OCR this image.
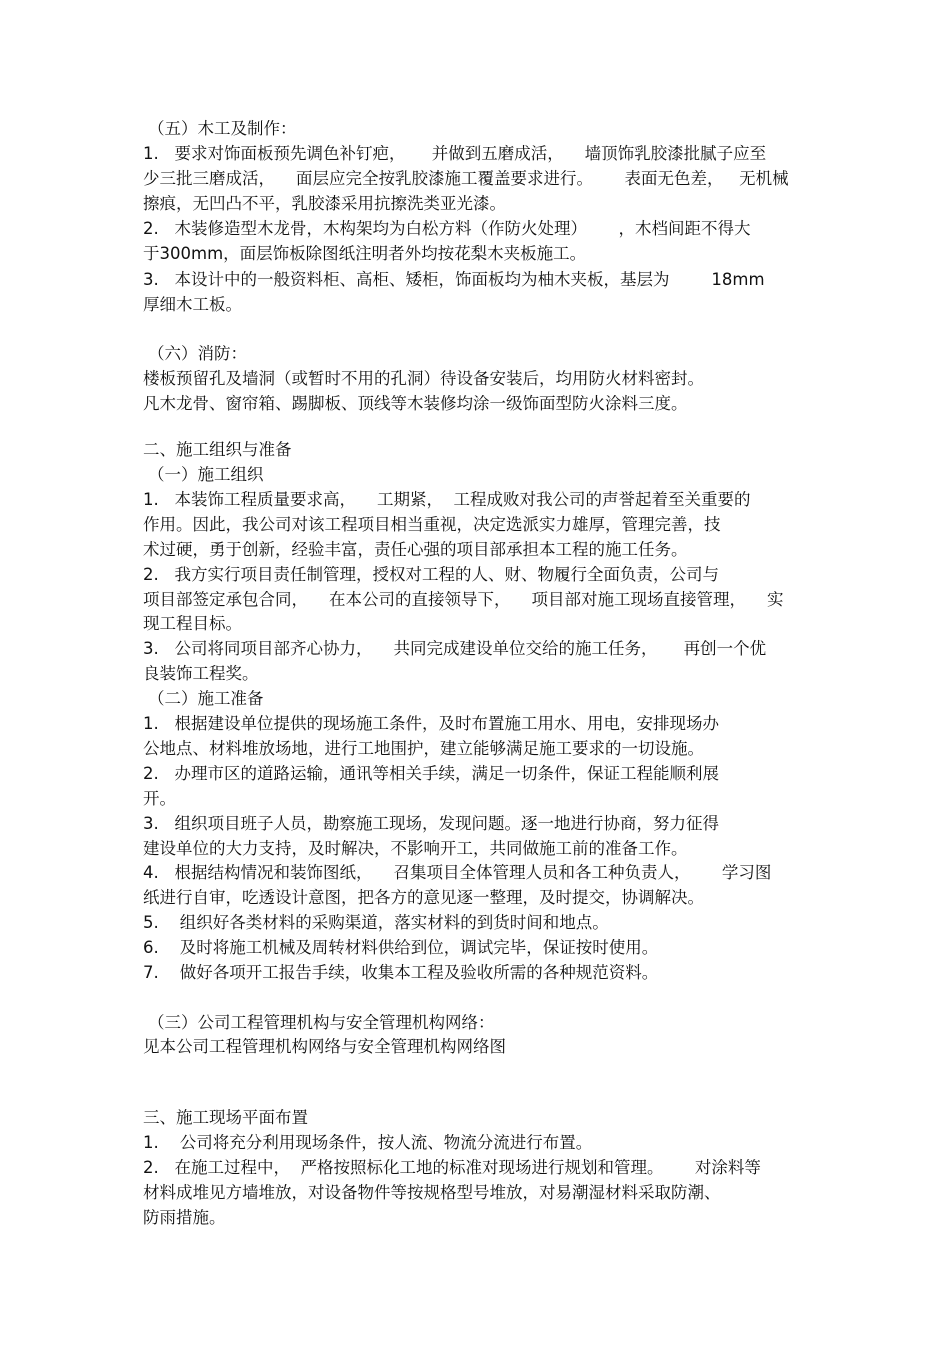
（五）木工及制作：

1.   要求对饰面板预先调色补钉疤，     并做到五磨成活，    墙顶饰乳胶漆批腻子应至

少三批三磨成活，    面层应完全按乳胶漆施工覆盖要求进行。      表面无色差，   无机械

擦痕，无凹凸不平，乳胶漆采用抗擦洗类亚光漆。

2.   木装修造型木龙骨，木构架均为白松方料（作防火处理）      ，木档间距不得大

于300mm，面层饰板除图纸注明者外均按花梨木夹板施工。

3.   本设计中的一般资料柜、高柜、矮柜，饰面板均为柚木夹板，基层为        18mm

厚细木工板。

（六）消防：

楼板预留孔及墙洞（或暂时不用的孔洞）待设备安装后，均用防火材料密封。

凡木龙骨、窗帘箱、踢脚板、顶线等木装修均涂一级饰面型防火涂料三度。

二、施工组织与准备

（一）施工组织

1.   本装饰工程质量要求高，    工期紧，  工程成败对我公司的声誉起着至关重要的

作用。因此，我公司对该工程项目相当重视，决定选派实力雄厚，管理完善，技

术过硬，勇于创新，经验丰富，责任心强的项目部承担本工程的施工任务。

2.   我方实行项目责任制管理，授权对工程的人、财、物履行全面负责，公司与

项目部签定承包合同，    在本公司的直接领导下，    项目部对施工现场直接管理，    实

现工程目标。

3.   公司将同项目部齐心协力，    共同完成建设单位交给的施工任务，     再创一个优

良装饰工程奖。

（二）施工准备

1.   根据建设单位提供的现场施工条件，及时布置施工用水、用电，安排现场办

公地点、材料堆放场地，进行工地围护，建立能够满足施工要求的一切设施。

2.   办理市区的道路运输，通讯等相关手续，满足一切条件，保证工程能顺利展

开。

3.   组织项目班子人员，勘察施工现场，发现问题。逐一地进行协商，努力征得

建设单位的大力支持，及时解决，不影响开工，共同做施工前的准备工作。

4.   根据结构情况和装饰图纸，    召集项目全体管理人员和各工种负责人，      学习图

纸进行自审，吃透设计意图，把各方的意见逐一整理，及时提交，协调解决。

5.    组织好各类材料的采购渠道，落实材料的到货时间和地点。

6.    及时将施工机械及周转材料供给到位，调试完毕，保证按时使用。

7.    做好各项开工报告手续，收集本工程及验收所需的各种规范资料。

（三）公司工程管理机构与安全管理机构网络：

见本公司工程管理机构网络与安全管理机构网络图

三、施工现场平面布置

1.    公司将充分利用现场条件，按人流、物流分流进行布置。

2.   在施工过程中，  严格按照标化工地的标准对现场进行规划和管理。      对涂料等

材料成堆见方墙堆放，对设备物件等按规格型号堆放，对易潮湿材料采取防潮、

防雨措施。
